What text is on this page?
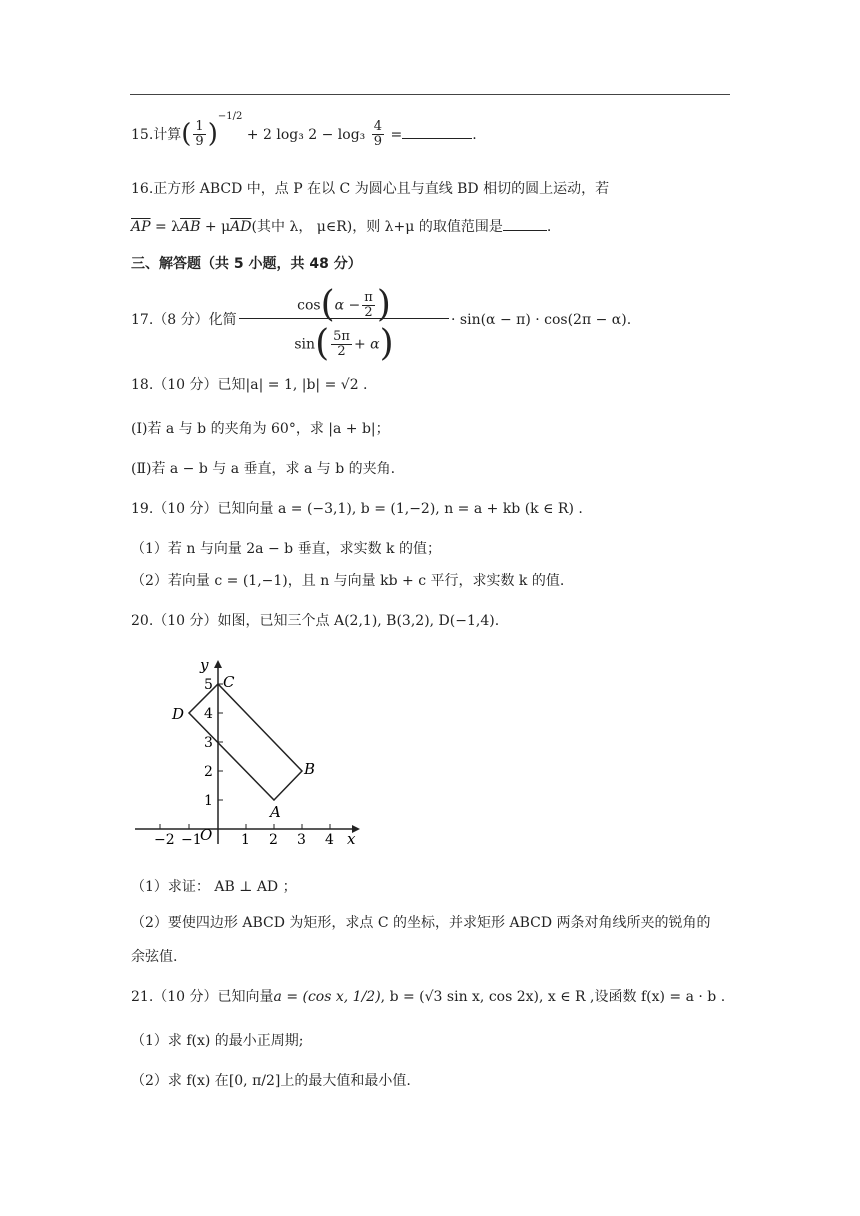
15.计算( $\frac{1}{9} )^{-1/2} + 2$ log₃ $2 - \log_3 \frac{4}{9}$ =	.
16.正方形 ABCD 中，点 P 在以 C 为圆心且与直线 BD 相切的圆上运动，若
$\overline{AP} = \lambda\overline{AB} + \mu\overline{AD}$(其中 λ， μ∈R)，则 λ+μ 的取值范围是	.
三、解答题（共 5 小题，共 48 分）
17.（8 分）化简
$\cos(\alpha - \frac{\pi}{2}$ )
$\sin( \frac{5\pi}{2} + \alpha)$
· sin(α − π) · cos(2π − α).
18.（10 分）已知|a| = 1, |b| = √2 .
(Ⅰ)若 a 与 b 的夹角为 60°，求 |a + b|；
(Ⅱ)若 a − b 与 a 垂直，求 a 与 b 的夹角.
19.（10 分）已知向量 a = (−3,1), b = (1,−2), n = a + kb (k ∈ R) .
（1）若 n 与向量 2a − b 垂直，求实数 k 的值；
（2）若向量 c = (1,−1)，且 n 与向量 kb + c 平行，求实数 k 的值.
20.（10 分）如图，已知三个点 A(2,1), B(3,2), D(−1,4).
−2 −1	1 2 3 4
1
2
3
4
5
x
y
O
A
B
C
D
（1）求证： AB ⊥ AD ；
（2）要使四边形 ABCD 为矩形，求点 C 的坐标，并求矩形 ABCD 两条对角线所夹的锐角的
余弦值.
21.（10 分）已知向量a = (cos x, 1/2), b = (√3 sin x, cos 2x), x ∈ R ,设函数 f(x) = a · b .
（1）求 f(x) 的最小正周期;
（2）求 f(x) 在[0, π/2]上的最大值和最小值.
